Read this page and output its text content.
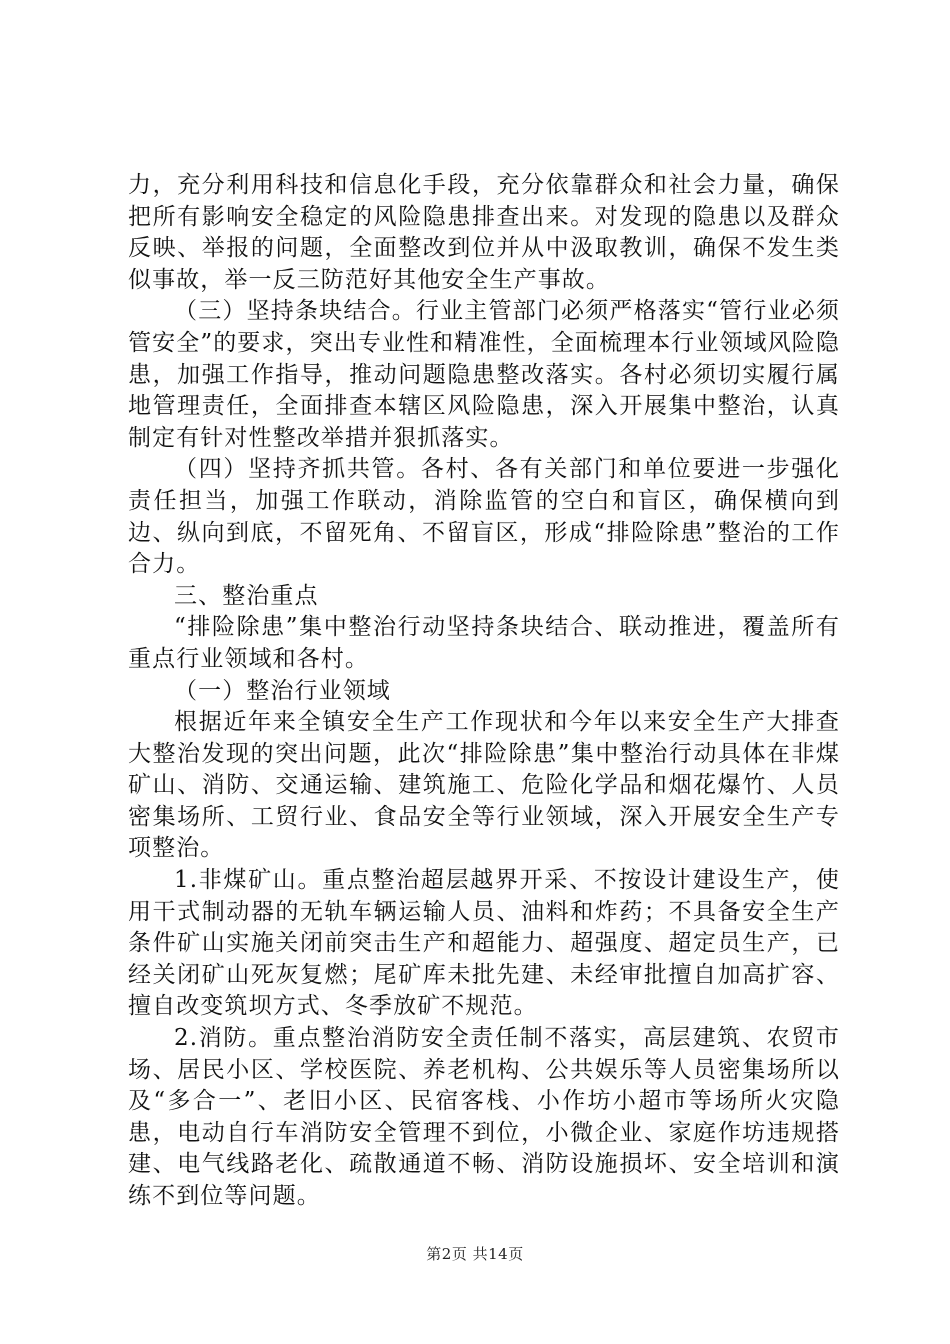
力，充分利用科技和信息化手段，充分依靠群众和社会力量，确保把所有影响安全稳定的风险隐患排查出来。对发现的隐患以及群众反映、举报的问题，全面整改到位并从中汲取教训，确保不发生类似事故，举一反三防范好其他安全生产事故。

（三）坚持条块结合。行业主管部门必须严格落实“管行业必须管安全”的要求，突出专业性和精准性，全面梳理本行业领域风险隐患，加强工作指导，推动问题隐患整改落实。各村必须切实履行属地管理责任，全面排查本辖区风险隐患，深入开展集中整治，认真制定有针对性整改举措并狠抓落实。

（四）坚持齐抓共管。各村、各有关部门和单位要进一步强化责任担当，加强工作联动，消除监管的空白和盲区，确保横向到边、纵向到底，不留死角、不留盲区，形成“排险除患”整治的工作合力。

三、整治重点

“排险除患”集中整治行动坚持条块结合、联动推进，覆盖所有重点行业领域和各村。

（一）整治行业领域

根据近年来全镇安全生产工作现状和今年以来安全生产大排查大整治发现的突出问题，此次“排险除患”集中整治行动具体在非煤矿山、消防、交通运输、建筑施工、危险化学品和烟花爆竹、人员密集场所、工贸行业、食品安全等行业领域，深入开展安全生产专项整治。

1.非煤矿山。重点整治超层越界开采、不按设计建设生产，使用干式制动器的无轨车辆运输人员、油料和炸药；不具备安全生产条件矿山实施关闭前突击生产和超能力、超强度、超定员生产，已经关闭矿山死灰复燃；尾矿库未批先建、未经审批擅自加高扩容、擅自改变筑坝方式、冬季放矿不规范。

2.消防。重点整治消防安全责任制不落实，高层建筑、农贸市场、居民小区、学校医院、养老机构、公共娱乐等人员密集场所以及“多合一”、老旧小区、民宿客栈、小作坊小超市等场所火灾隐患，电动自行车消防安全管理不到位，小微企业、家庭作坊违规搭建、电气线路老化、疏散通道不畅、消防设施损坏、安全培训和演练不到位等问题。

第2页 共14页
